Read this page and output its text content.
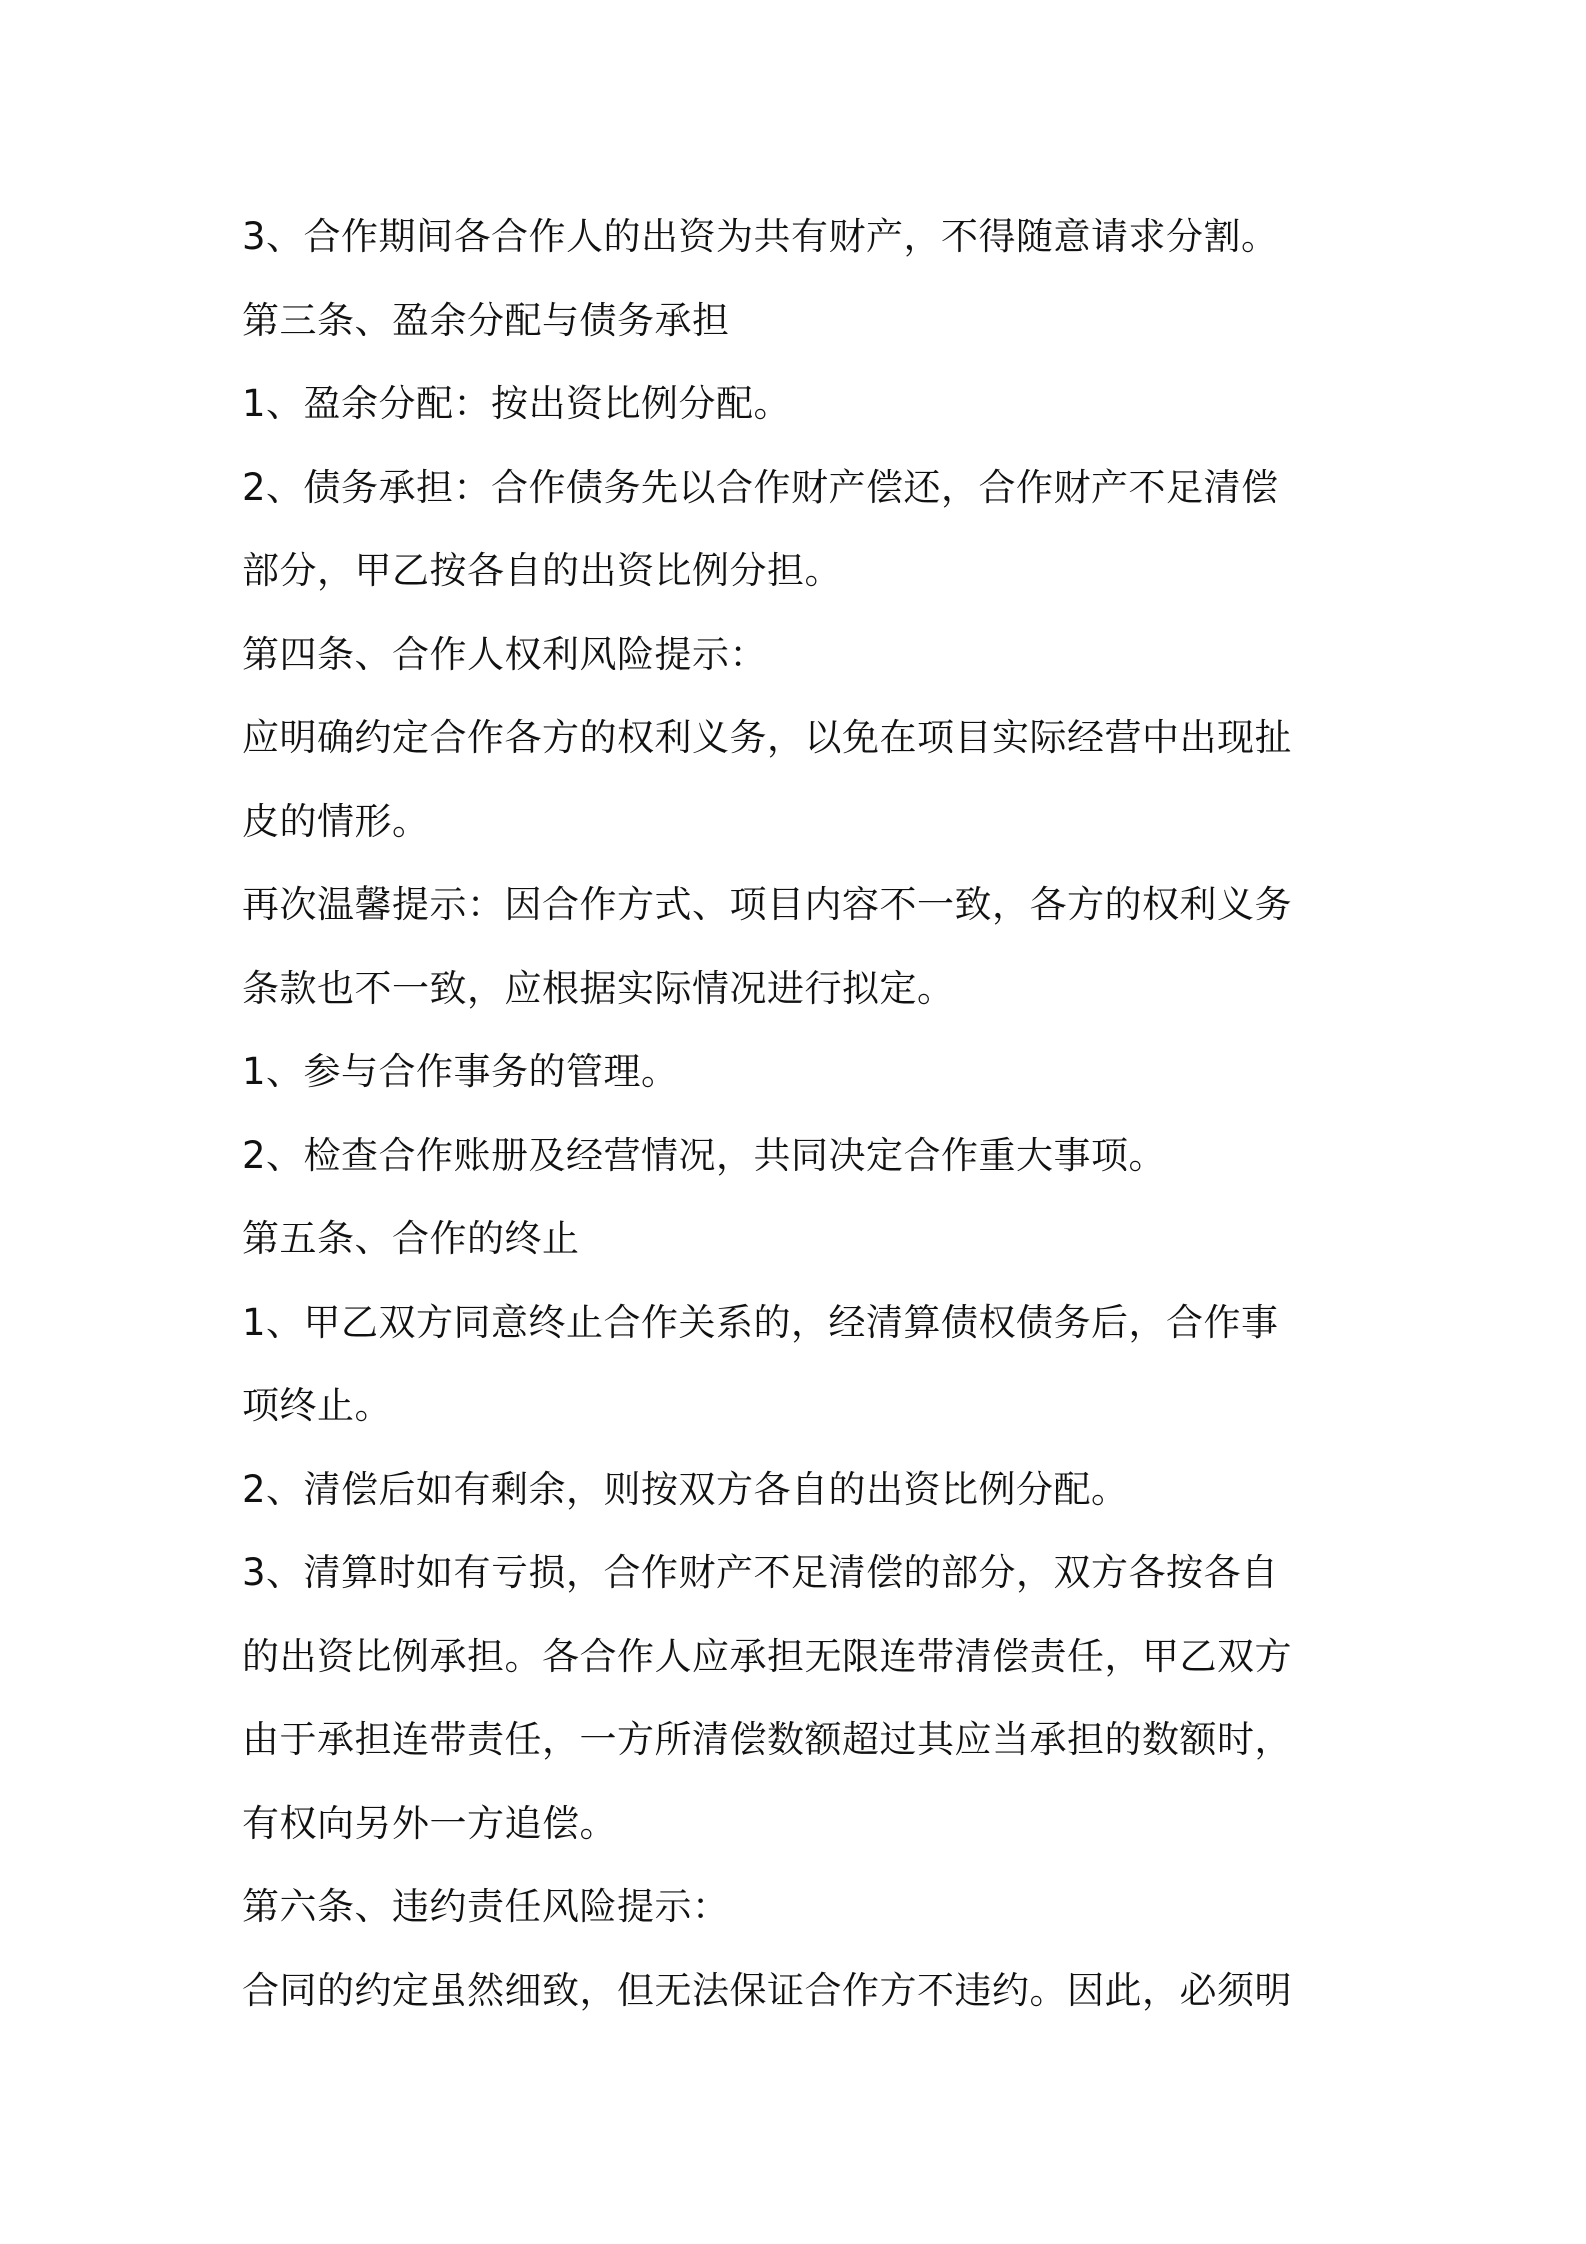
3、合作期间各合作人的出资为共有财产，不得随意请求分割。
第三条、盈余分配与债务承担
1、盈余分配：按出资比例分配。
2、债务承担：合作债务先以合作财产偿还，合作财产不足清偿
部分，甲乙按各自的出资比例分担。
第四条、合作人权利风险提示：
应明确约定合作各方的权利义务，以免在项目实际经营中出现扯
皮的情形。
再次温馨提示：因合作方式、项目内容不一致，各方的权利义务
条款也不一致，应根据实际情况进行拟定。
1、参与合作事务的管理。
2、检查合作账册及经营情况，共同决定合作重大事项。
第五条、合作的终止
1、甲乙双方同意终止合作关系的，经清算债权债务后，合作事
项终止。
2、清偿后如有剩余，则按双方各自的出资比例分配。
3、清算时如有亏损，合作财产不足清偿的部分，双方各按各自
的出资比例承担。各合作人应承担无限连带清偿责任，甲乙双方
由于承担连带责任，一方所清偿数额超过其应当承担的数额时，
有权向另外一方追偿。
第六条、违约责任风险提示：
合同的约定虽然细致，但无法保证合作方不违约。因此，必须明
